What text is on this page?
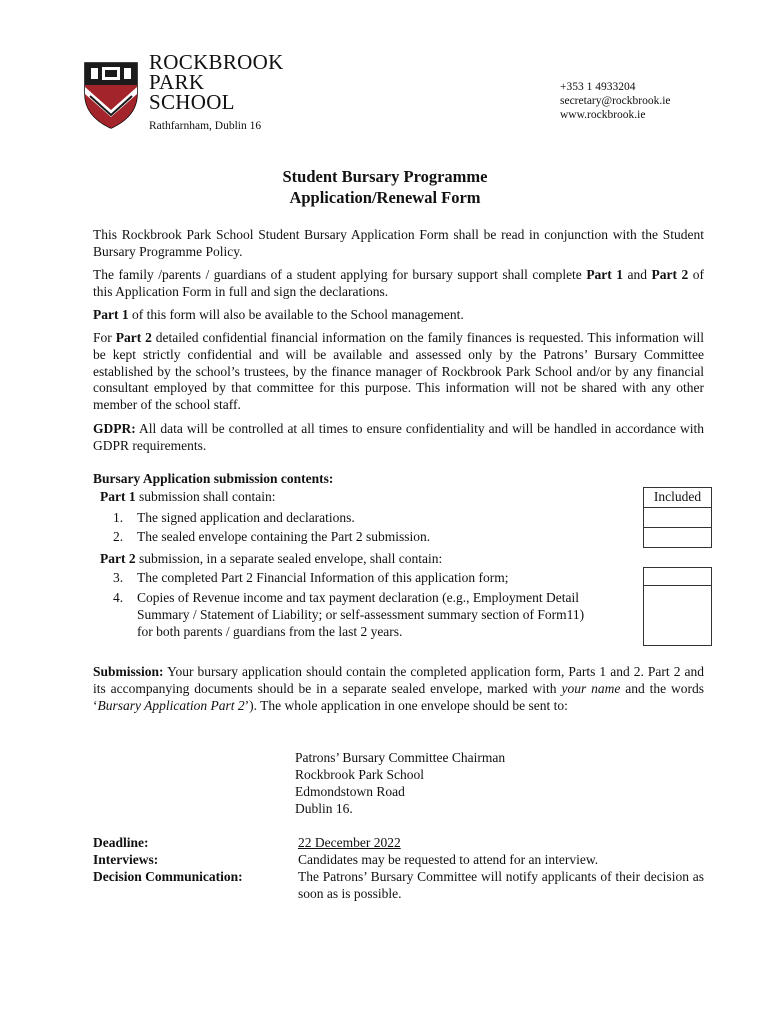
ROCKBROOK
PARK
SCHOOL
Rathfarnham, Dublin 16
+353 1 4933204
secretary@rockbrook.ie
www.rockbrook.ie
Student Bursary Programme
Application/Renewal Form
This Rockbrook Park School Student Bursary Application Form shall be read in conjunction with the Student Bursary Programme Policy.
The family /parents / guardians of a student applying for bursary support shall complete Part 1 and Part 2 of this Application Form in full and sign the declarations.
Part 1 of this form will also be available to the School management.
For Part 2 detailed confidential financial information on the family finances is requested. This information will be kept strictly confidential and will be available and assessed only by the Patrons’ Bursary Committee established by the school’s trustees, by the finance manager of Rockbrook Park School and/or by any financial consultant employed by that committee for this purpose. This information will not be shared with any other member of the school staff.
GDPR: All data will be controlled at all times to ensure confidentiality and will be handled in accordance with GDPR requirements.
Bursary Application submission contents:
Part 1 submission shall contain:
1. The signed application and declarations.
2. The sealed envelope containing the Part 2 submission.
Part 2 submission, in a separate sealed envelope, shall contain:
3. The completed Part 2 Financial Information of this application form;
4. Copies of Revenue income and tax payment declaration (e.g., Employment Detail
Summary / Statement of Liability; or self-assessment summary section of Form11)
for both parents / guardians from the last 2 years.
Included
Submission: Your bursary application should contain the completed application form, Parts 1 and 2. Part 2 and its accompanying documents should be in a separate sealed envelope, marked with your name and the words ‘Bursary Application Part 2’). The whole application in one envelope should be sent to:
Patrons’ Bursary Committee Chairman
Rockbrook Park School
Edmondstown Road
Dublin 16.
Deadline:	22 December 2022
Interviews:	Candidates may be requested to attend for an interview.
Decision Communication:	The Patrons’ Bursary Committee will notify applicants of their decision as soon as is possible.
